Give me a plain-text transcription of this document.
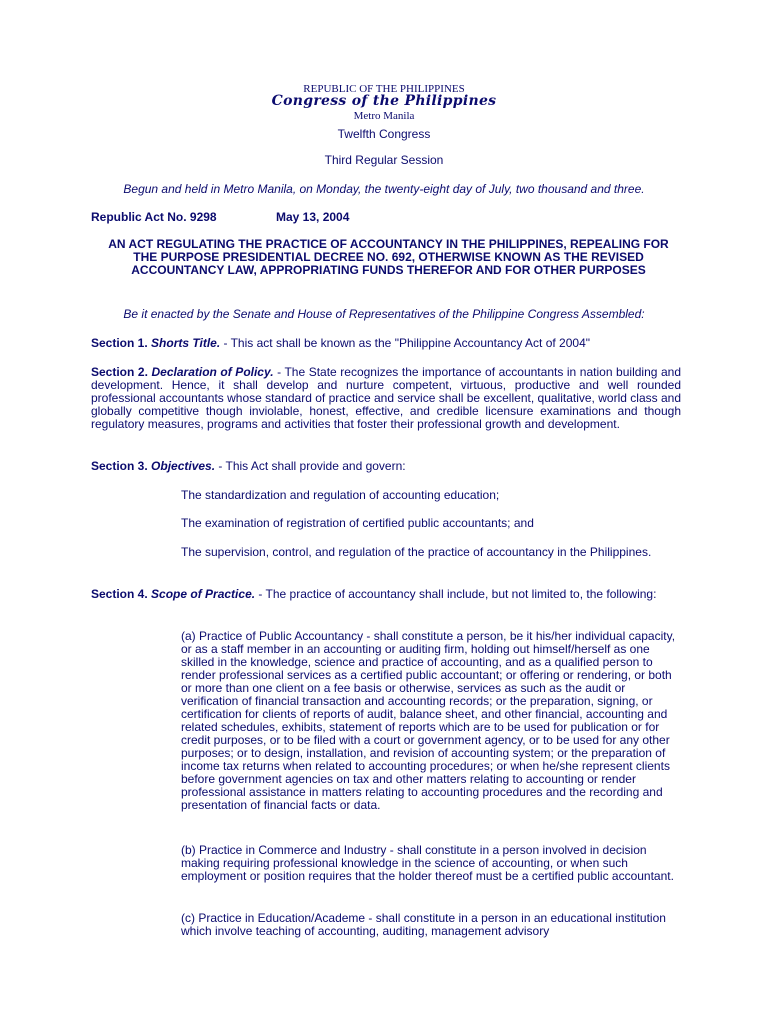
REPUBLIC OF THE PHILIPPINES
Congress of the Philippines
Metro Manila
Twelfth Congress
Third Regular Session
Begun and held in Metro Manila, on Monday, the twenty-eight day of July, two thousand and three.
Republic Act No. 9298	May 13, 2004
AN ACT REGULATING THE PRACTICE OF ACCOUNTANCY IN THE PHILIPPINES, REPEALING FOR THE PURPOSE PRESIDENTIAL DECREE NO. 692, OTHERWISE KNOWN AS THE REVISED ACCOUNTANCY LAW, APPROPRIATING FUNDS THEREFOR AND FOR OTHER PURPOSES
Be it enacted by the Senate and House of Representatives of the Philippine Congress Assembled:
Section 1. Shorts Title. - This act shall be known as the "Philippine Accountancy Act of 2004"
Section 2. Declaration of Policy. - The State recognizes the importance of accountants in nation building and development. Hence, it shall develop and nurture competent, virtuous, productive and well rounded professional accountants whose standard of practice and service shall be excellent, qualitative, world class and globally competitive though inviolable, honest, effective, and credible licensure examinations and though regulatory measures, programs and activities that foster their professional growth and development.
Section 3. Objectives. - This Act shall provide and govern:
The standardization and regulation of accounting education;
The examination of registration of certified public accountants; and
The supervision, control, and regulation of the practice of accountancy in the Philippines.
Section 4. Scope of Practice. - The practice of accountancy shall include, but not limited to, the following:
(a) Practice of Public Accountancy - shall constitute a person, be it his/her individual capacity, or as a staff member in an accounting or auditing firm, holding out himself/herself as one skilled in the knowledge, science and practice of accounting, and as a qualified person to render professional services as a certified public accountant; or offering or rendering, or both or more than one client on a fee basis or otherwise, services as such as the audit or verification of financial transaction and accounting records; or the preparation, signing, or certification for clients of reports of audit, balance sheet, and other financial, accounting and related schedules, exhibits, statement of reports which are to be used for publication or for credit purposes, or to be filed with a court or government agency, or to be used for any other purposes; or to design, installation, and revision of accounting system; or the preparation of income tax returns when related to accounting procedures; or when he/she represent clients before government agencies on tax and other matters relating to accounting or render professional assistance in matters relating to accounting procedures and the recording and presentation of financial facts or data.
(b) Practice in Commerce and Industry - shall constitute in a person involved in decision making requiring professional knowledge in the science of accounting, or when such employment or position requires that the holder thereof must be a certified public accountant.
(c) Practice in Education/Academe - shall constitute in a person in an educational institution which involve teaching of accounting, auditing, management advisory
